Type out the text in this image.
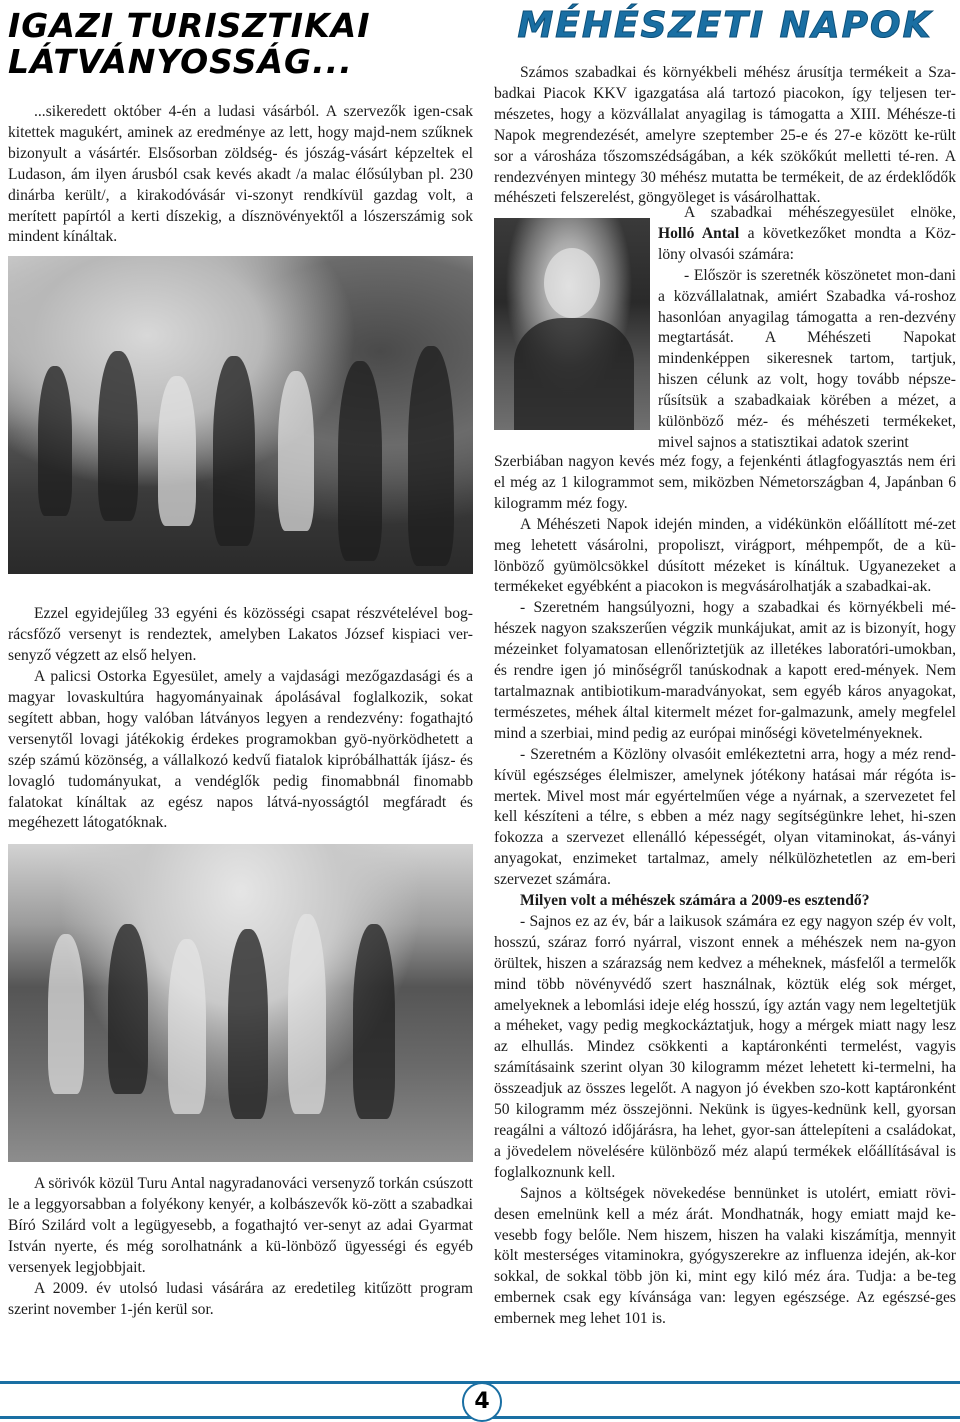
IGAZI TURISZTIKAI LÁTVÁNYOSSÁG...

...sikeredett október 4-én a ludasi vásárból. A szervezők igen-csak kitettek magukért, aminek az eredménye az lett, hogy majd-nem szűknek bizonyult a vásártér. Elsősorban zöldség- és jószág-vásárt képzeltek el Ludason, ám ilyen árusból csak kevés akadt /a malac élősúlyban pl. 230 dinárba került/, a kirakodóvásár vi-szonyt rendkívül gazdag volt, a merített papírtól a kerti díszekig, a dísznövényektől a lószerszámig sok mindent kínáltak.

Ezzel egyidejűleg 33 egyéni és közösségi csapat részvételével bog-rácsfőző versenyt is rendeztek, amelyben Lakatos József kispiaci ver-senyző végzett az első helyen.

A palicsi Ostorka Egyesület, amely a vajdasági mezőgazdasági és a magyar lovaskultúra hagyományainak ápolásával foglalkozik, sokat segített abban, hogy valóban látványos legyen a rendezvény: fogathajtó versenytől lovagi játékokig érdekes programokban gyö-nyörködhetett a szép számú közönség, a vállalkozó kedvű fiatalok kipróbálhatták íjász- és lovagló tudományukat, a vendéglők pedig finomabbnál finomabb falatokat kínáltak az egész napos látvá-nyosságtól megfáradt és megéhezett látogatóknak.

A sörivók közül Turu Antal nagyradanováci versenyző torkán csúszott le a leggyorsabban a folyékony kenyér, a kolbászevők kö-zött a szabadkai Bíró Szilárd volt a legügyesebb, a fogathajtó ver-senyt az adai Gyarmat István nyerte, és még sorolhatnánk a kü-lönböző ügyességi és egyéb versenyek legjobbjait.

A 2009. év utolsó ludasi vásárára az eredetileg kitűzött program szerint november 1-jén kerül sor.

MÉHÉSZETI NAPOK

Számos szabadkai és környékbeli méhész árusítja termékeit a Sza-badkai Piacok KKV igazgatása alá tartozó piacokon, így teljesen ter-mészetes, hogy a közvállalat anyagilag is támogatta a XIII. Méhésze-ti Napok megrendezését, amelyre szeptember 25-e és 27-e között ke-rült sor a városháza tőszomszédságában, a kék szökőkút melletti té-ren. A rendezvényen mintegy 30 méhész mutatta be termékeit, de az érdeklődők méhészeti felszerelést, göngyöleget is vásárolhattak.

A szabadkai méhészegyesület elnöke, Holló Antal a következőket mondta a Köz-löny olvasói számára:

- Először is szeretnék köszönetet mon-dani a közvállalatnak, amiért Szabadka vá-roshoz hasonlóan anyagilag támogatta a ren-dezvény megtartását. A Méhészeti Napokat mindenképpen sikeresnek tartom, tartjuk, hiszen célunk az volt, hogy tovább népsze-rűsítsük a szabadkaiak körében a mézet, a különböző méz- és méhészeti termékeket, mivel sajnos a statisztikai adatok szerint

Szerbiában nagyon kevés méz fogy, a fejenkénti átlagfogyasztás nem éri el még az 1 kilogrammot sem, miközben Németországban 4, Japánban 6 kilogramm méz fogy.

A Méhészeti Napok idején minden, a vidékünkön előállított mé-zet meg lehetett vásárolni, propoliszt, virágport, méhpempőt, de a kü-lönböző gyümölcsökkel dúsított mézeket is kínáltuk. Ugyanezeket a termékeket egyébként a piacokon is megvásárolhatják a szabadkai-ak.

- Szeretném hangsúlyozni, hogy a szabadkai és környékbeli mé-hészek nagyon szakszerűen végzik munkájukat, amit az is bizonyít, hogy mézeinket folyamatosan ellenőriztetjük az illetékes laboratóri-umokban, és rendre igen jó minőségről tanúskodnak a kapott ered-mények. Nem tartalmaznak antibiotikum-maradványokat, sem egyéb káros anyagokat, természetes, méhek által kitermelt mézet for-galmazunk, amely megfelel mind a szerbiai, mind pedig az európai minőségi követelményeknek.

- Szeretném a Közlöny olvasóit emlékeztetni arra, hogy a méz rend-kívül egészséges élelmiszer, amelynek jótékony hatásai már régóta is-mertek. Mivel most már egyértelműen vége a nyárnak, a szervezetet fel kell készíteni a télre, s ebben a méz nagy segítségünkre lehet, hi-szen fokozza a szervezet ellenálló képességét, olyan vitaminokat, ás-ványi anyagokat, enzimeket tartalmaz, amely nélkülözhetetlen az em-beri szervezet számára.

Milyen volt a méhészek számára a 2009-es esztendő?

- Sajnos ez az év, bár a laikusok számára ez egy nagyon szép év volt, hosszú, száraz forró nyárral, viszont ennek a méhészek nem na-gyon örültek, hiszen a szárazság nem kedvez a méheknek, másfelől a termelők mind több növényvédő szert használnak, köztük elég sok mérget, amelyeknek a lebomlási ideje elég hosszú, így aztán vagy nem legeltetjük a méheket, vagy pedig megkockáztatjuk, hogy a mérgek miatt nagy lesz az elhullás. Mindez csökkenti a kaptáronkénti termelést, vagyis számításaink szerint olyan 30 kilogramm mézet lehetett ki-termelni, ha összeadjuk az összes legelőt. A nagyon jó években szo-kott kaptáronként 50 kilogramm méz összejönni. Nekünk is ügyes-kednünk kell, gyorsan reagálni a változó időjárásra, ha lehet, gyor-san áttelepíteni a családokat, a jövedelem növelésére különböző méz alapú termékek előállításával is foglalkoznunk kell.

Sajnos a költségek növekedése bennünket is utolért, emiatt rövi-desen emelnünk kell a méz árát. Mondhatnák, hogy emiatt majd ke-vesebb fogy belőle. Nem hiszem, hiszen ha valaki kiszámítja, mennyit költ mesterséges vitaminokra, gyógyszerekre az influenza idején, ak-kor sokkal, de sokkal több jön ki, mint egy kiló méz ára. Tudja: a be-teg embernek csak egy kívánsága van: legyen egészsége. Az egészsé-ges embernek meg lehet 101 is.

4
